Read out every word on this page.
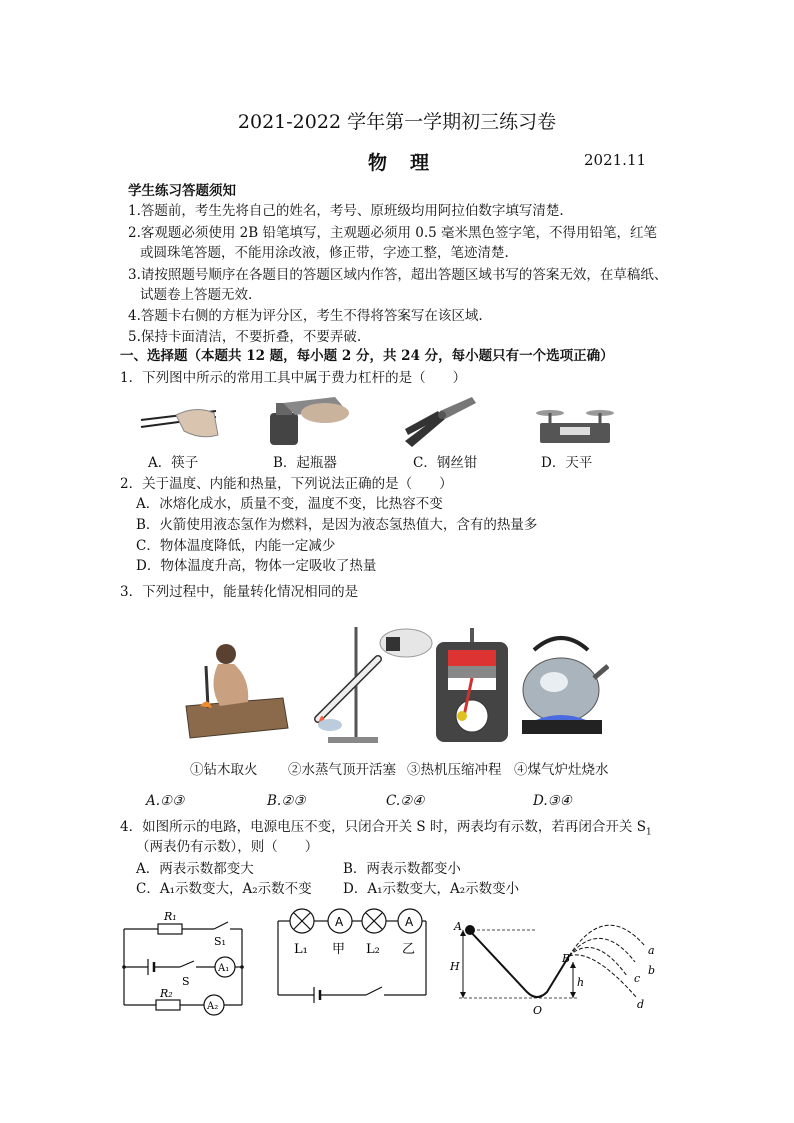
2021-2022 学年第一学期初三练习卷
物　理	2021.11
学生练习答题须知
1.答题前，考生先将自己的姓名，考号、原班级均用阿拉伯数字填写清楚.
2.客观题必须使用 2B 铅笔填写，主观题必须用 0.5 毫米黑色签字笔，不得用铅笔，红笔
或圆珠笔答题，不能用涂改液，修正带，字迹工整，笔迹清楚.
3.请按照题号顺序在各题目的答题区域内作答，超出答题区域书写的答案无效，在草稿纸、
试题卷上答题无效.
4.答题卡右侧的方框为评分区，考生不得将答案写在该区域.
5.保持卡面清洁，不要折叠，不要弄破.
一、选择题（本题共 12 题，每小题 2 分，共 24 分，每小题只有一个选项正确）
1．下列图中所示的常用工具中属于费力杠杆的是（　　）
A．筷子	B．起瓶器	C．钢丝钳	D．天平
2．关于温度、内能和热量，下列说法正确的是（　　）
A．冰熔化成水，质量不变，温度不变，比热容不变
B．火箭使用液态氢作为燃料，是因为液态氢热值大，含有的热量多
C．物体温度降低，内能一定减少
D．物体温度升高，物体一定吸收了热量
3．下列过程中，能量转化情况相同的是
①钻木取火 ②水蒸气顶开活塞 ③热机压缩冲程 ④煤气炉灶烧水
A.①③	B.②③	C.②④	D.③④
4．如图所示的电路，电源电压不变，只闭合开关 S 时，两表均有示数，若再闭合开关 $S_1$
（两表仍有示数），则（　　）
A．两表示数都变大	B．两表示数都变小
C．A₁示数变大，A₂示数不变 D．A₁示数变大，A₂示数变小
R₁
S₁
S
A₁
R₂
A₂
A	A
L₁ 甲 L₂ 乙
A
H
B
h
O
a
b
c
d
